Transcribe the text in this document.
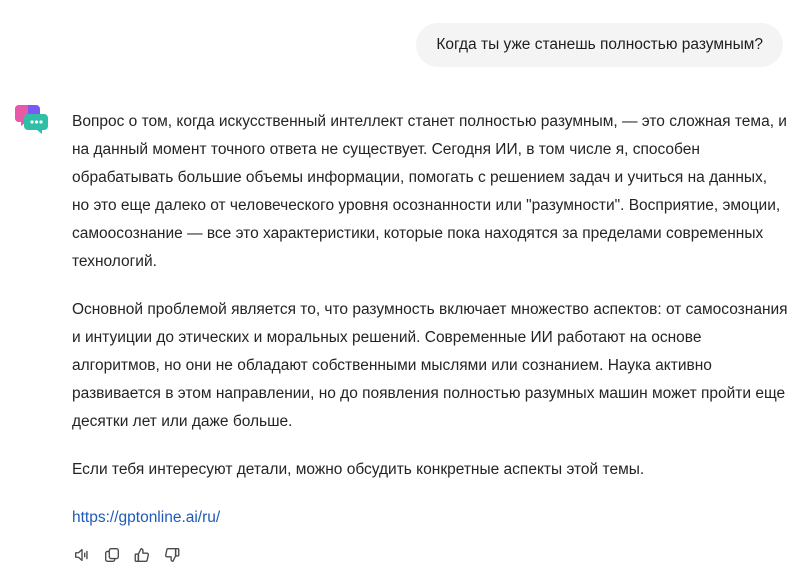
Когда ты уже станешь полностью разумным?

Вопрос о том, когда искусственный интеллект станет полностью разумным, — это сложная тема, и на данный момент точного ответа не существует. Сегодня ИИ, в том числе я, способен обрабатывать большие объемы информации, помогать с решением задач и учиться на данных, но это еще далеко от человеческого уровня осознанности или "разумности". Восприятие, эмоции, самоосознание — все это характеристики, которые пока находятся за пределами современных технологий.

Основной проблемой является то, что разумность включает множество аспектов: от самосознания и интуиции до этических и моральных решений. Современные ИИ работают на основе алгоритмов, но они не обладают собственными мыслями или сознанием. Наука активно развивается в этом направлении, но до появления полностью разумных машин может пройти еще десятки лет или даже больше.

Если тебя интересуют детали, можно обсудить конкретные аспекты этой темы.

https://gptonline.ai/ru/
